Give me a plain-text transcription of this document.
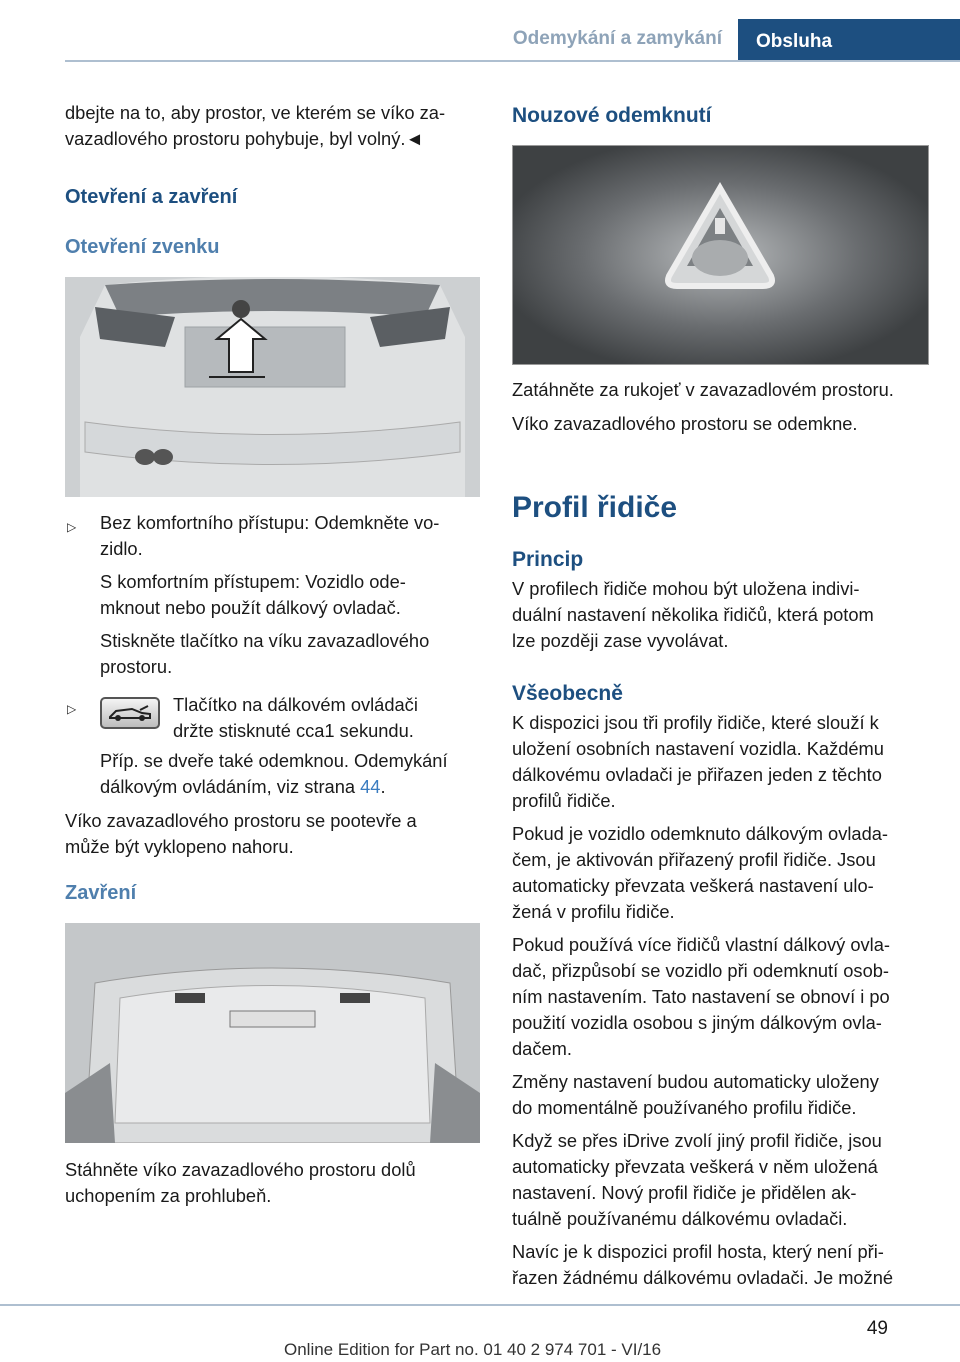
Odemykání a zamykání	Obsluha

dbejte na to, aby prostor, ve kterém se víko za-

vazadlového prostoru pohybuje, byl volný.◄

Otevření a zavření
Otevření zvenku
▷ Bez komfortního přístupu: Odemkněte vo-

zidlo.

S komfortním přístupem: Vozidlo ode-

mknout nebo použít dálkový ovladač.

Stiskněte tlačítko na víku zavazadlového

prostoru.

▷	Tlačítko na dálkovém ovládači

držte stisknuté cca1 sekundu.

Příp. se dveře také odemknou. Odemykání

dálkovým ovládáním, viz strana 44.

Víko zavazadlového prostoru se pootevře a

může být vyklopeno nahoru.

Zavření

Stáhněte víko zavazadlového prostoru dolů

uchopením za prohlubeň.

Nouzové odemknutí

Zatáhněte za rukojeť v zavazadlovém prostoru.

Víko zavazadlového prostoru se odemkne.

Profil řidiče
Princip

V profilech řidiče mohou být uložena indivi-

duální nastavení několika řidičů, která potom

lze později zase vyvolávat.

Všeobecně

K dispozici jsou tři profily řidiče, které slouží k

uložení osobních nastavení vozidla. Každému

dálkovému ovladači je přiřazen jeden z těchto

profilů řidiče.

Pokud je vozidlo odemknuto dálkovým ovlada-

čem, je aktivován přiřazený profil řidiče. Jsou

automaticky převzata veškerá nastavení ulo-

žená v profilu řidiče.

Pokud používá více řidičů vlastní dálkový ovla-

dač, přizpůsobí se vozidlo při odemknutí osob-

ním nastavením. Tato nastavení se obnoví i po

použití vozidla osobou s jiným dálkovým ovla-

dačem.

Změny nastavení budou automaticky uloženy

do momentálně používaného profilu řidiče.

Když se přes iDrive zvolí jiný profil řidiče, jsou

automaticky převzata veškerá v něm uložená

nastavení. Nový profil řidiče je přidělen ak-

tuálně používanému dálkovému ovladači.

Navíc je k dispozici profil hosta, který není při-

řazen žádnému dálkovému ovladači. Je možné

49
Online Edition for Part no. 01 40 2 974 701 - VI/16
